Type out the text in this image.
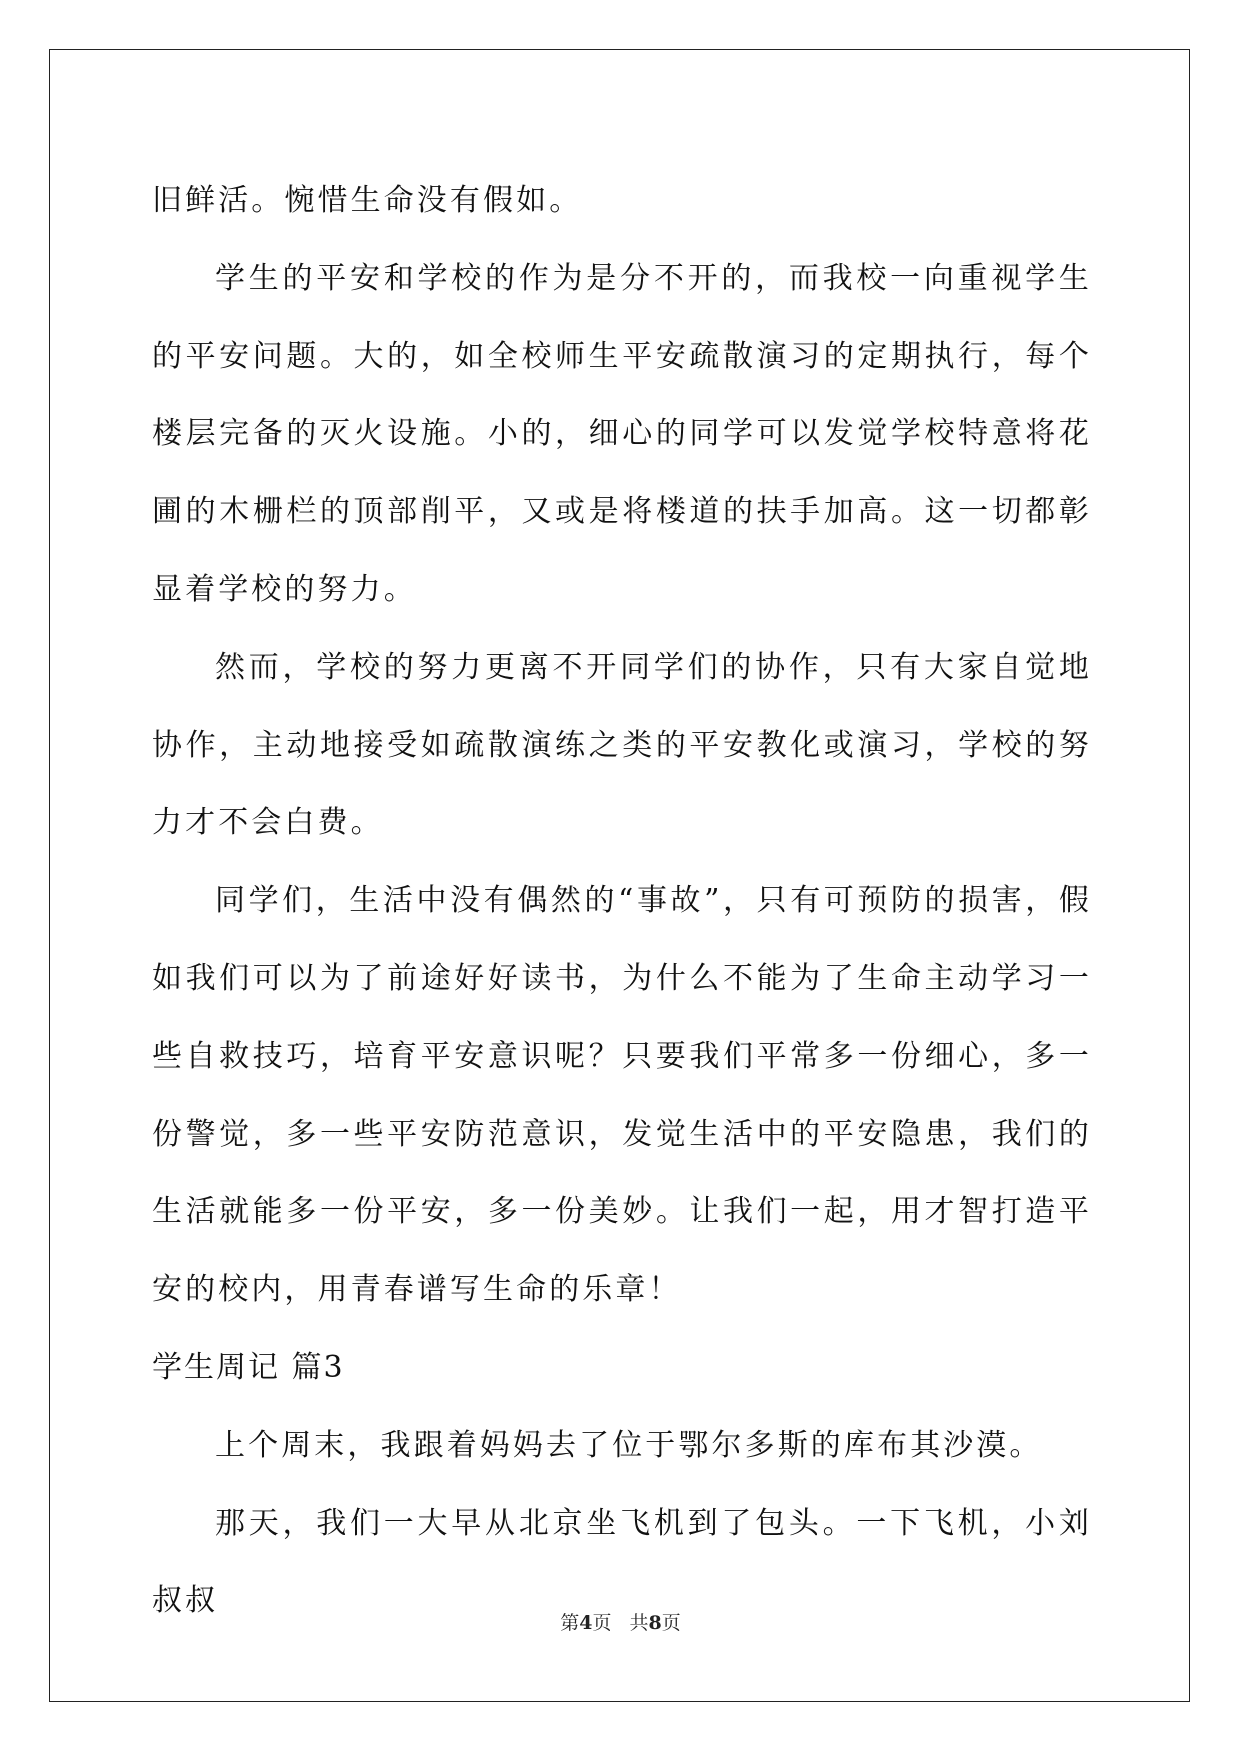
旧鲜活。惋惜生命没有假如。

学生的平安和学校的作为是分不开的，而我校一向重视学生的平安问题。大的，如全校师生平安疏散演习的定期执行，每个楼层完备的灭火设施。小的，细心的同学可以发觉学校特意将花圃的木栅栏的顶部削平，又或是将楼道的扶手加高。这一切都彰显着学校的努力。

然而，学校的努力更离不开同学们的协作，只有大家自觉地协作，主动地接受如疏散演练之类的平安教化或演习，学校的努力才不会白费。

同学们，生活中没有偶然的“事故”，只有可预防的损害，假如我们可以为了前途好好读书，为什么不能为了生命主动学习一些自救技巧，培育平安意识呢？只要我们平常多一份细心，多一份警觉，多一些平安防范意识，发觉生活中的平安隐患，我们的生活就能多一份平安，多一份美妙。让我们一起，用才智打造平安的校内，用青春谱写生命的乐章！

学生周记 篇3

上个周末，我跟着妈妈去了位于鄂尔多斯的库布其沙漠。

那天，我们一大早从北京坐飞机到了包头。一下飞机，小刘叔叔

第4页 共8页
